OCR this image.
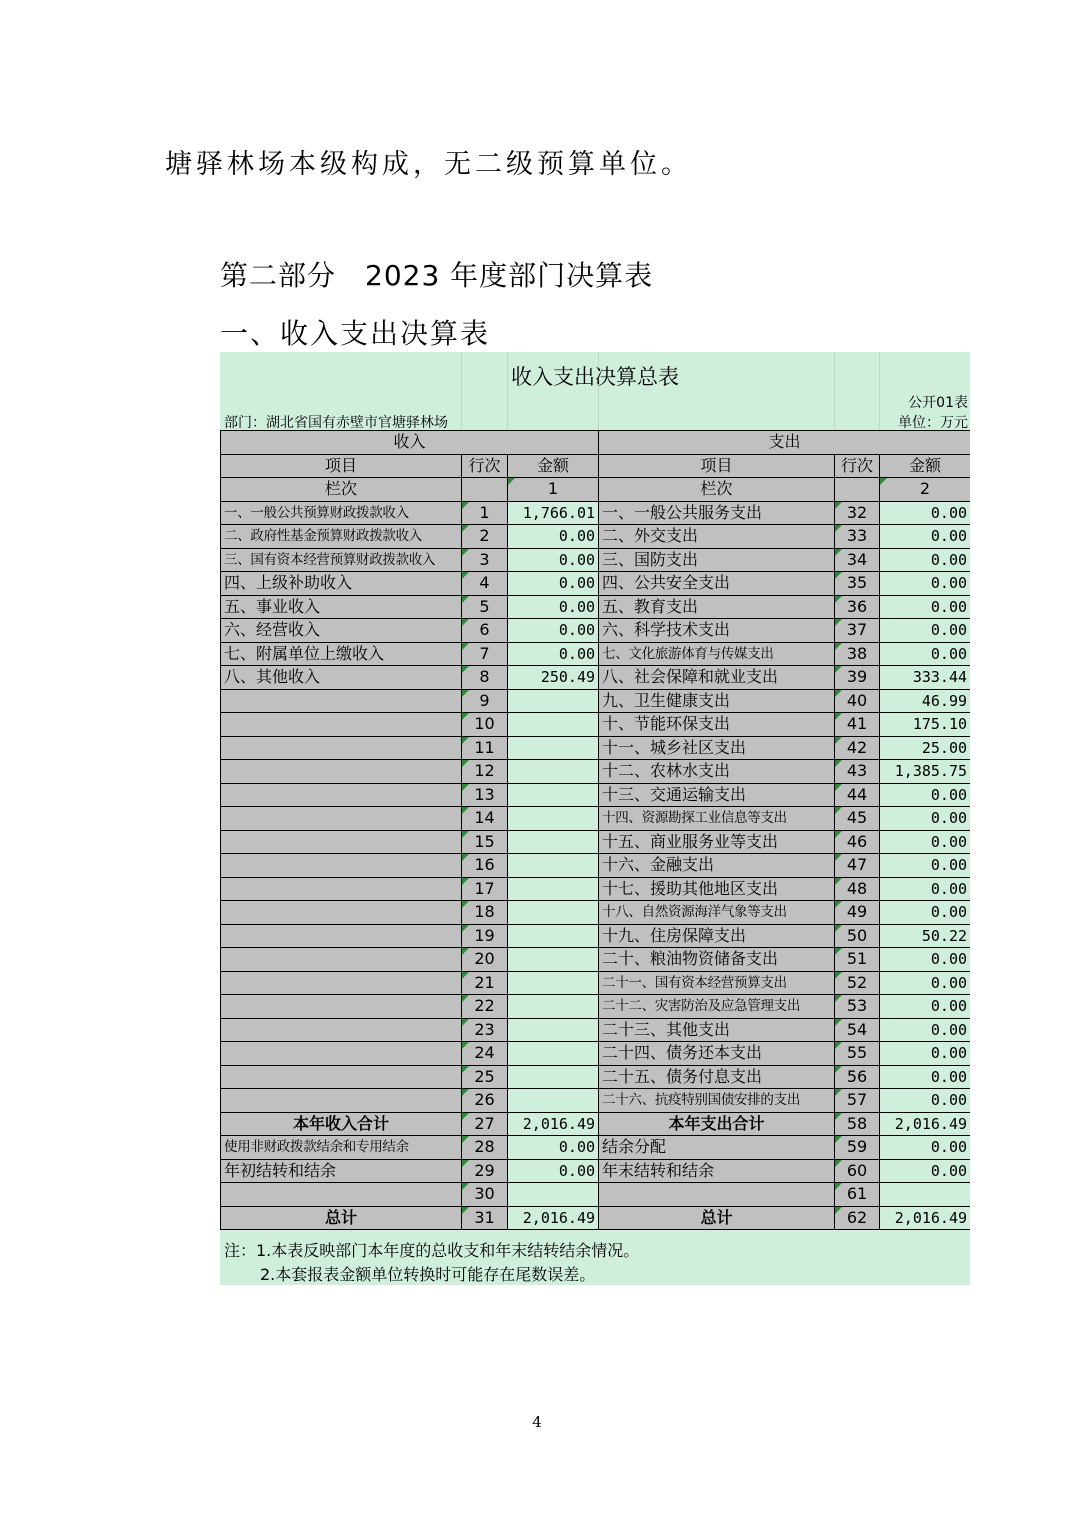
塘驿林场本级构成，无二级预算单位。
第二部分　2023 年度部门决算表
一、收入支出决算表
收入支出决算总表
公开01表
部门：湖北省国有赤壁市官塘驿林场	单位：万元
收入			支出		
项目	行次	金额	项目	行次	金额
栏次		1	栏次		2
一、一般公共预算财政拨款收入	1	1,766.01	一、一般公共服务支出	32	0.00
二、政府性基金预算财政拨款收入	2	0.00	二、外交支出	33	0.00
三、国有资本经营预算财政拨款收入	3	0.00	三、国防支出	34	0.00
四、上级补助收入	4	0.00	四、公共安全支出	35	0.00
五、事业收入	5	0.00	五、教育支出	36	0.00
六、经营收入	6	0.00	六、科学技术支出	37	0.00
七、附属单位上缴收入	7	0.00	七、文化旅游体育与传媒支出	38	0.00
八、其他收入	8	250.49	八、社会保障和就业支出	39	333.44
	9		九、卫生健康支出	40	46.99
	10		十、节能环保支出	41	175.10
	11		十一、城乡社区支出	42	25.00
	12		十二、农林水支出	43	1,385.75
	13		十三、交通运输支出	44	0.00
	14		十四、资源勘探工业信息等支出	45	0.00
	15		十五、商业服务业等支出	46	0.00
	16		十六、金融支出	47	0.00
	17		十七、援助其他地区支出	48	0.00
	18		十八、自然资源海洋气象等支出	49	0.00
	19		十九、住房保障支出	50	50.22
	20		二十、粮油物资储备支出	51	0.00
	21		二十一、国有资本经营预算支出	52	0.00
	22		二十二、灾害防治及应急管理支出	53	0.00
	23		二十三、其他支出	54	0.00
	24		二十四、债务还本支出	55	0.00
	25		二十五、债务付息支出	56	0.00
	26		二十六、抗疫特别国债安排的支出	57	0.00
本年收入合计	27	2,016.49	本年支出合计	58	2,016.49
使用非财政拨款结余和专用结余	28	0.00	结余分配	59	0.00
年初结转和结余	29	0.00	年末结转和结余	60	0.00
	30			61	
总计	31	2,016.49	总计	62	2,016.49
注：1.本表反映部门本年度的总收支和年末结转结余情况。
2.本套报表金额单位转换时可能存在尾数误差。
4
